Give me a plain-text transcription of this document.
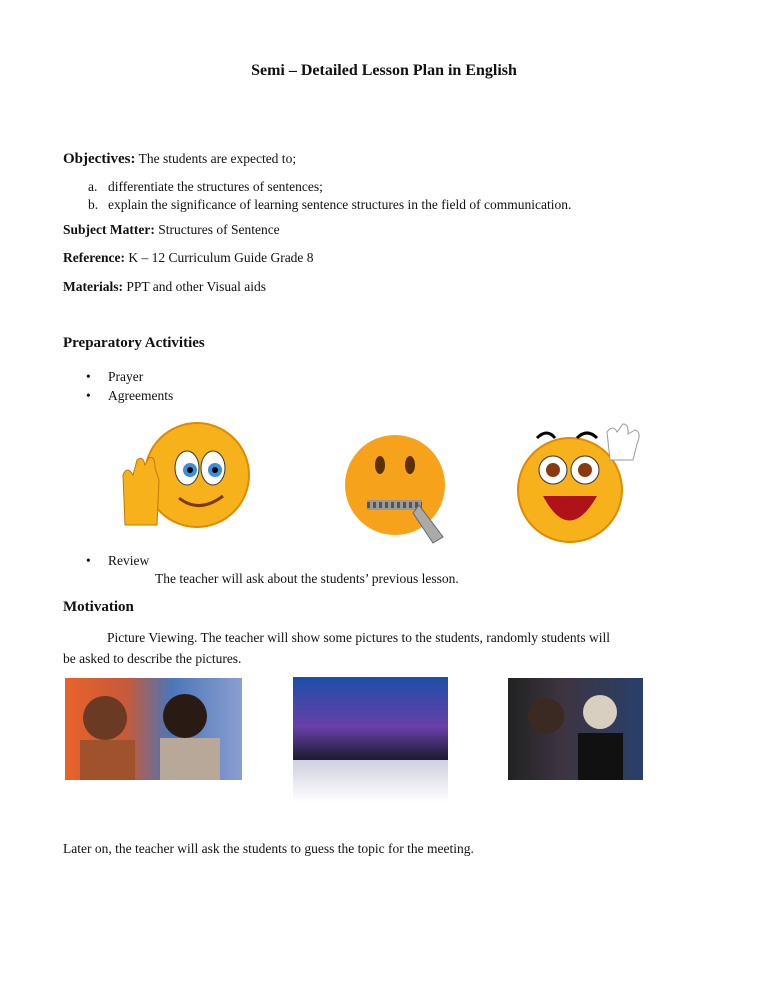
Semi – Detailed Lesson Plan in English
Objectives: The students are expected to;
a. differentiate the structures of sentences;
b. explain the significance of learning sentence structures in the field of communication.
Subject Matter: Structures of Sentence
Reference: K – 12 Curriculum Guide Grade 8
Materials: PPT and other Visual aids
Preparatory Activities
• Prayer
• Agreements
• Review
The teacher will ask about the students’ previous lesson.
Motivation
Picture Viewing. The teacher will show some pictures to the students, randomly students will
be asked to describe the pictures.
Later on, the teacher will ask the students to guess the topic for the meeting.
